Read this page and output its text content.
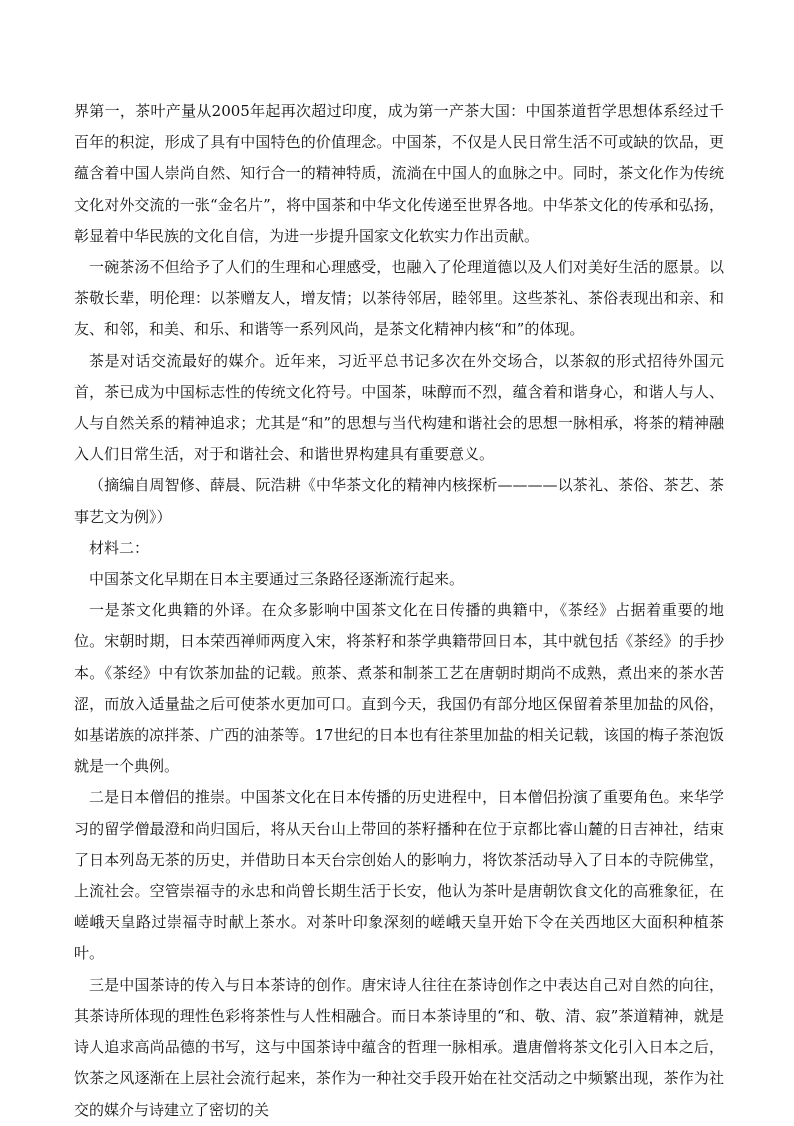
界第一，茶叶产量从2005年起再次超过印度，成为第一产茶大国：中国茶道哲学思想体系经过千百年的积淀，形成了具有中国特色的价值理念。中国茶，不仅是人民日常生活不可或缺的饮品，更蕴含着中国人崇尚自然、知行合一的精神特质，流淌在中国人的血脉之中。同时，茶文化作为传统文化对外交流的一张“金名片”，将中国茶和中华文化传递至世界各地。中华茶文化的传承和弘扬，彰显着中华民族的文化自信，为进一步提升国家文化软实力作出贡献。

一碗茶汤不但给予了人们的生理和心理感受，也融入了伦理道德以及人们对美好生活的愿景。以茶敬长辈，明伦理：以茶赠友人，增友情；以茶待邻居，睦邻里。这些茶礼、茶俗表现出和亲、和友、和邻，和美、和乐、和谐等一系列风尚，是茶文化精神内核“和”的体现。

茶是对话交流最好的媒介。近年来，习近平总书记多次在外交场合，以茶叙的形式招待外国元首，茶已成为中国标志性的传统文化符号。中国茶，味醇而不烈，蕴含着和谐身心，和谐人与人、人与自然关系的精神追求；尤其是“和”的思想与当代构建和谐社会的思想一脉相承，将茶的精神融入人们日常生活，对于和谐社会、和谐世界构建具有重要意义。

（摘编自周智修、薛晨、阮浩耕《中华茶文化的精神内核探析————以茶礼、茶俗、茶艺、茶事艺文为例》）

材料二：

中国茶文化早期在日本主要通过三条路径逐渐流行起来。

一是茶文化典籍的外译。在众多影响中国茶文化在日传播的典籍中，《茶经》占据着重要的地位。宋朝时期，日本荣西禅师两度入宋，将茶籽和茶学典籍带回日本，其中就包括《茶经》的手抄本。《茶经》中有饮茶加盐的记载。煎茶、煮茶和制茶工艺在唐朝时期尚不成熟，煮出来的茶水苦涩，而放入适量盐之后可使茶水更加可口。直到今天，我国仍有部分地区保留着茶里加盐的风俗，如基诺族的凉拌茶、广西的油茶等。17世纪的日本也有往茶里加盐的相关记载，该国的梅子茶泡饭就是一个典例。

二是日本僧侣的推崇。中国茶文化在日本传播的历史进程中，日本僧侣扮演了重要角色。来华学习的留学僧最澄和尚归国后，将从天台山上带回的茶籽播种在位于京都比睿山麓的日吉神社，结束了日本列岛无茶的历史，并借助日本天台宗创始人的影响力，将饮茶活动导入了日本的寺院佛堂，上流社会。空管崇福寺的永忠和尚曾长期生活于长安，他认为茶叶是唐朝饮食文化的高雅象征，在嵯峨天皇路过崇福寺时献上茶水。对茶叶印象深刻的嵯峨天皇开始下令在关西地区大面积种植茶叶。

三是中国茶诗的传入与日本茶诗的创作。唐宋诗人往往在茶诗创作之中表达自己对自然的向往，其茶诗所体现的理性色彩将茶性与人性相融合。而日本茶诗里的“和、敬、清、寂”茶道精神，就是诗人追求高尚品德的书写，这与中国茶诗中蕴含的哲理一脉相承。遣唐僧将茶文化引入日本之后，饮茶之风逐渐在上层社会流行起来，茶作为一种社交手段开始在社交活动之中频繁出现，茶作为社交的媒介与诗建立了密切的关
